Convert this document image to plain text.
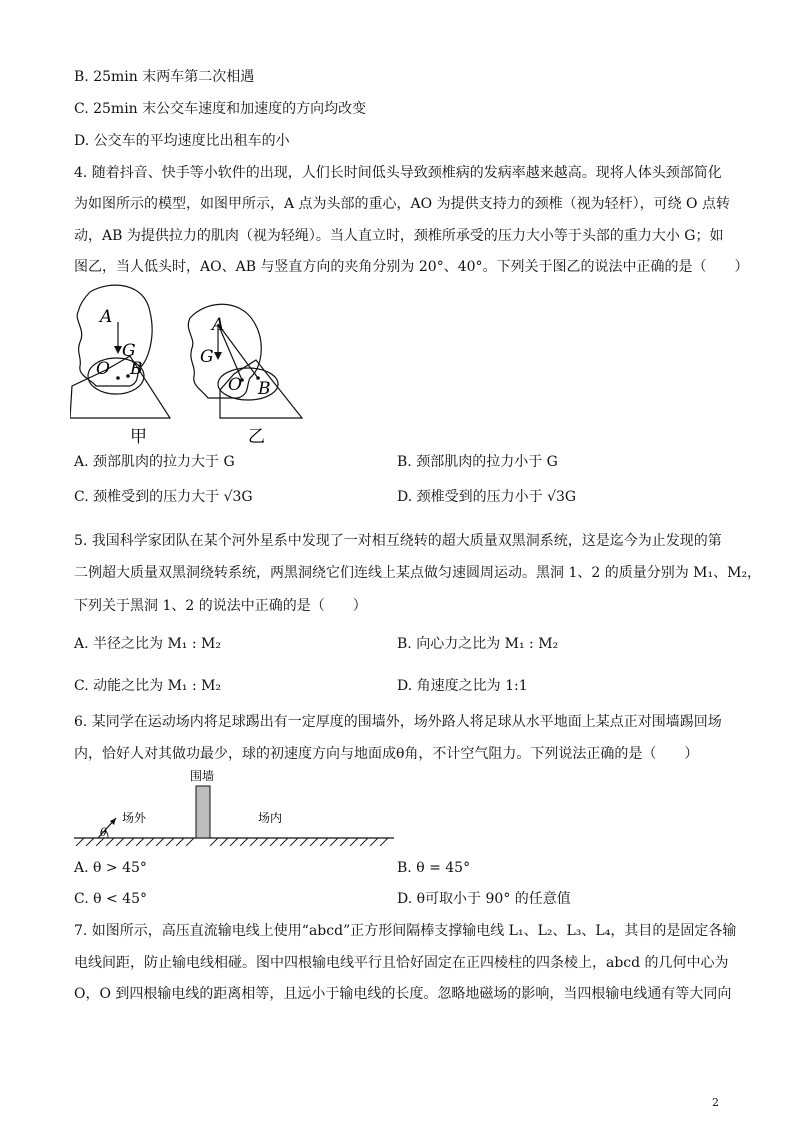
B. 25min 末两车第二次相遇
C. 25min 末公交车速度和加速度的方向均改变
D. 公交车的平均速度比出租车的小
4. 随着抖音、快手等小软件的出现，人们长时间低头导致颈椎病的发病率越来越高。现将人体头颈部简化
为如图所示的模型，如图甲所示，A 点为头部的重心，AO 为提供支持力的颈椎（视为轻杆），可绕 O 点转
动，AB 为提供拉力的肌肉（视为轻绳）。当人直立时，颈椎所承受的压力大小等于头部的重力大小 G；如
图乙，当人低头时，AO、AB 与竖直方向的夹角分别为 20°、40°。下列关于图乙的说法中正确的是（　　）
A
G
O B
A
G
O B
甲	乙
A. 颈部肌肉的拉力大于 G	B. 颈部肌肉的拉力小于 G
C. 颈椎受到的压力大于 √3G	D. 颈椎受到的压力小于 √3G
5. 我国科学家团队在某个河外星系中发现了一对相互绕转的超大质量双黑洞系统，这是迄今为止发现的第
二例超大质量双黑洞绕转系统，两黑洞绕它们连线上某点做匀速圆周运动。黑洞 1、2 的质量分别为 M₁、M₂，
下列关于黑洞 1、2 的说法中正确的是（　　）
A. 半径之比为 M₁ : M₂	B. 向心力之比为 M₁ : M₂
C. 动能之比为 M₁ : M₂	D. 角速度之比为 1:1
6. 某同学在运动场内将足球踢出有一定厚度的围墙外，场外路人将足球从水平地面上某点正对围墙踢回场
内，恰好人对其做功最少，球的初速度方向与地面成θ角，不计空气阻力。下列说法正确的是（　　）
围墙
场外	场内
θ
A. θ > 45°	B. θ = 45°
C. θ < 45°	D. θ可取小于 90° 的任意值
7. 如图所示，高压直流输电线上使用“abcd”正方形间隔棒支撑输电线 L₁、L₂、L₃、L₄，其目的是固定各输
电线间距，防止输电线相碰。图中四根输电线平行且恰好固定在正四棱柱的四条棱上，abcd 的几何中心为
O，O 到四根输电线的距离相等，且远小于输电线的长度。忽略地磁场的影响，当四根输电线通有等大同向
2
